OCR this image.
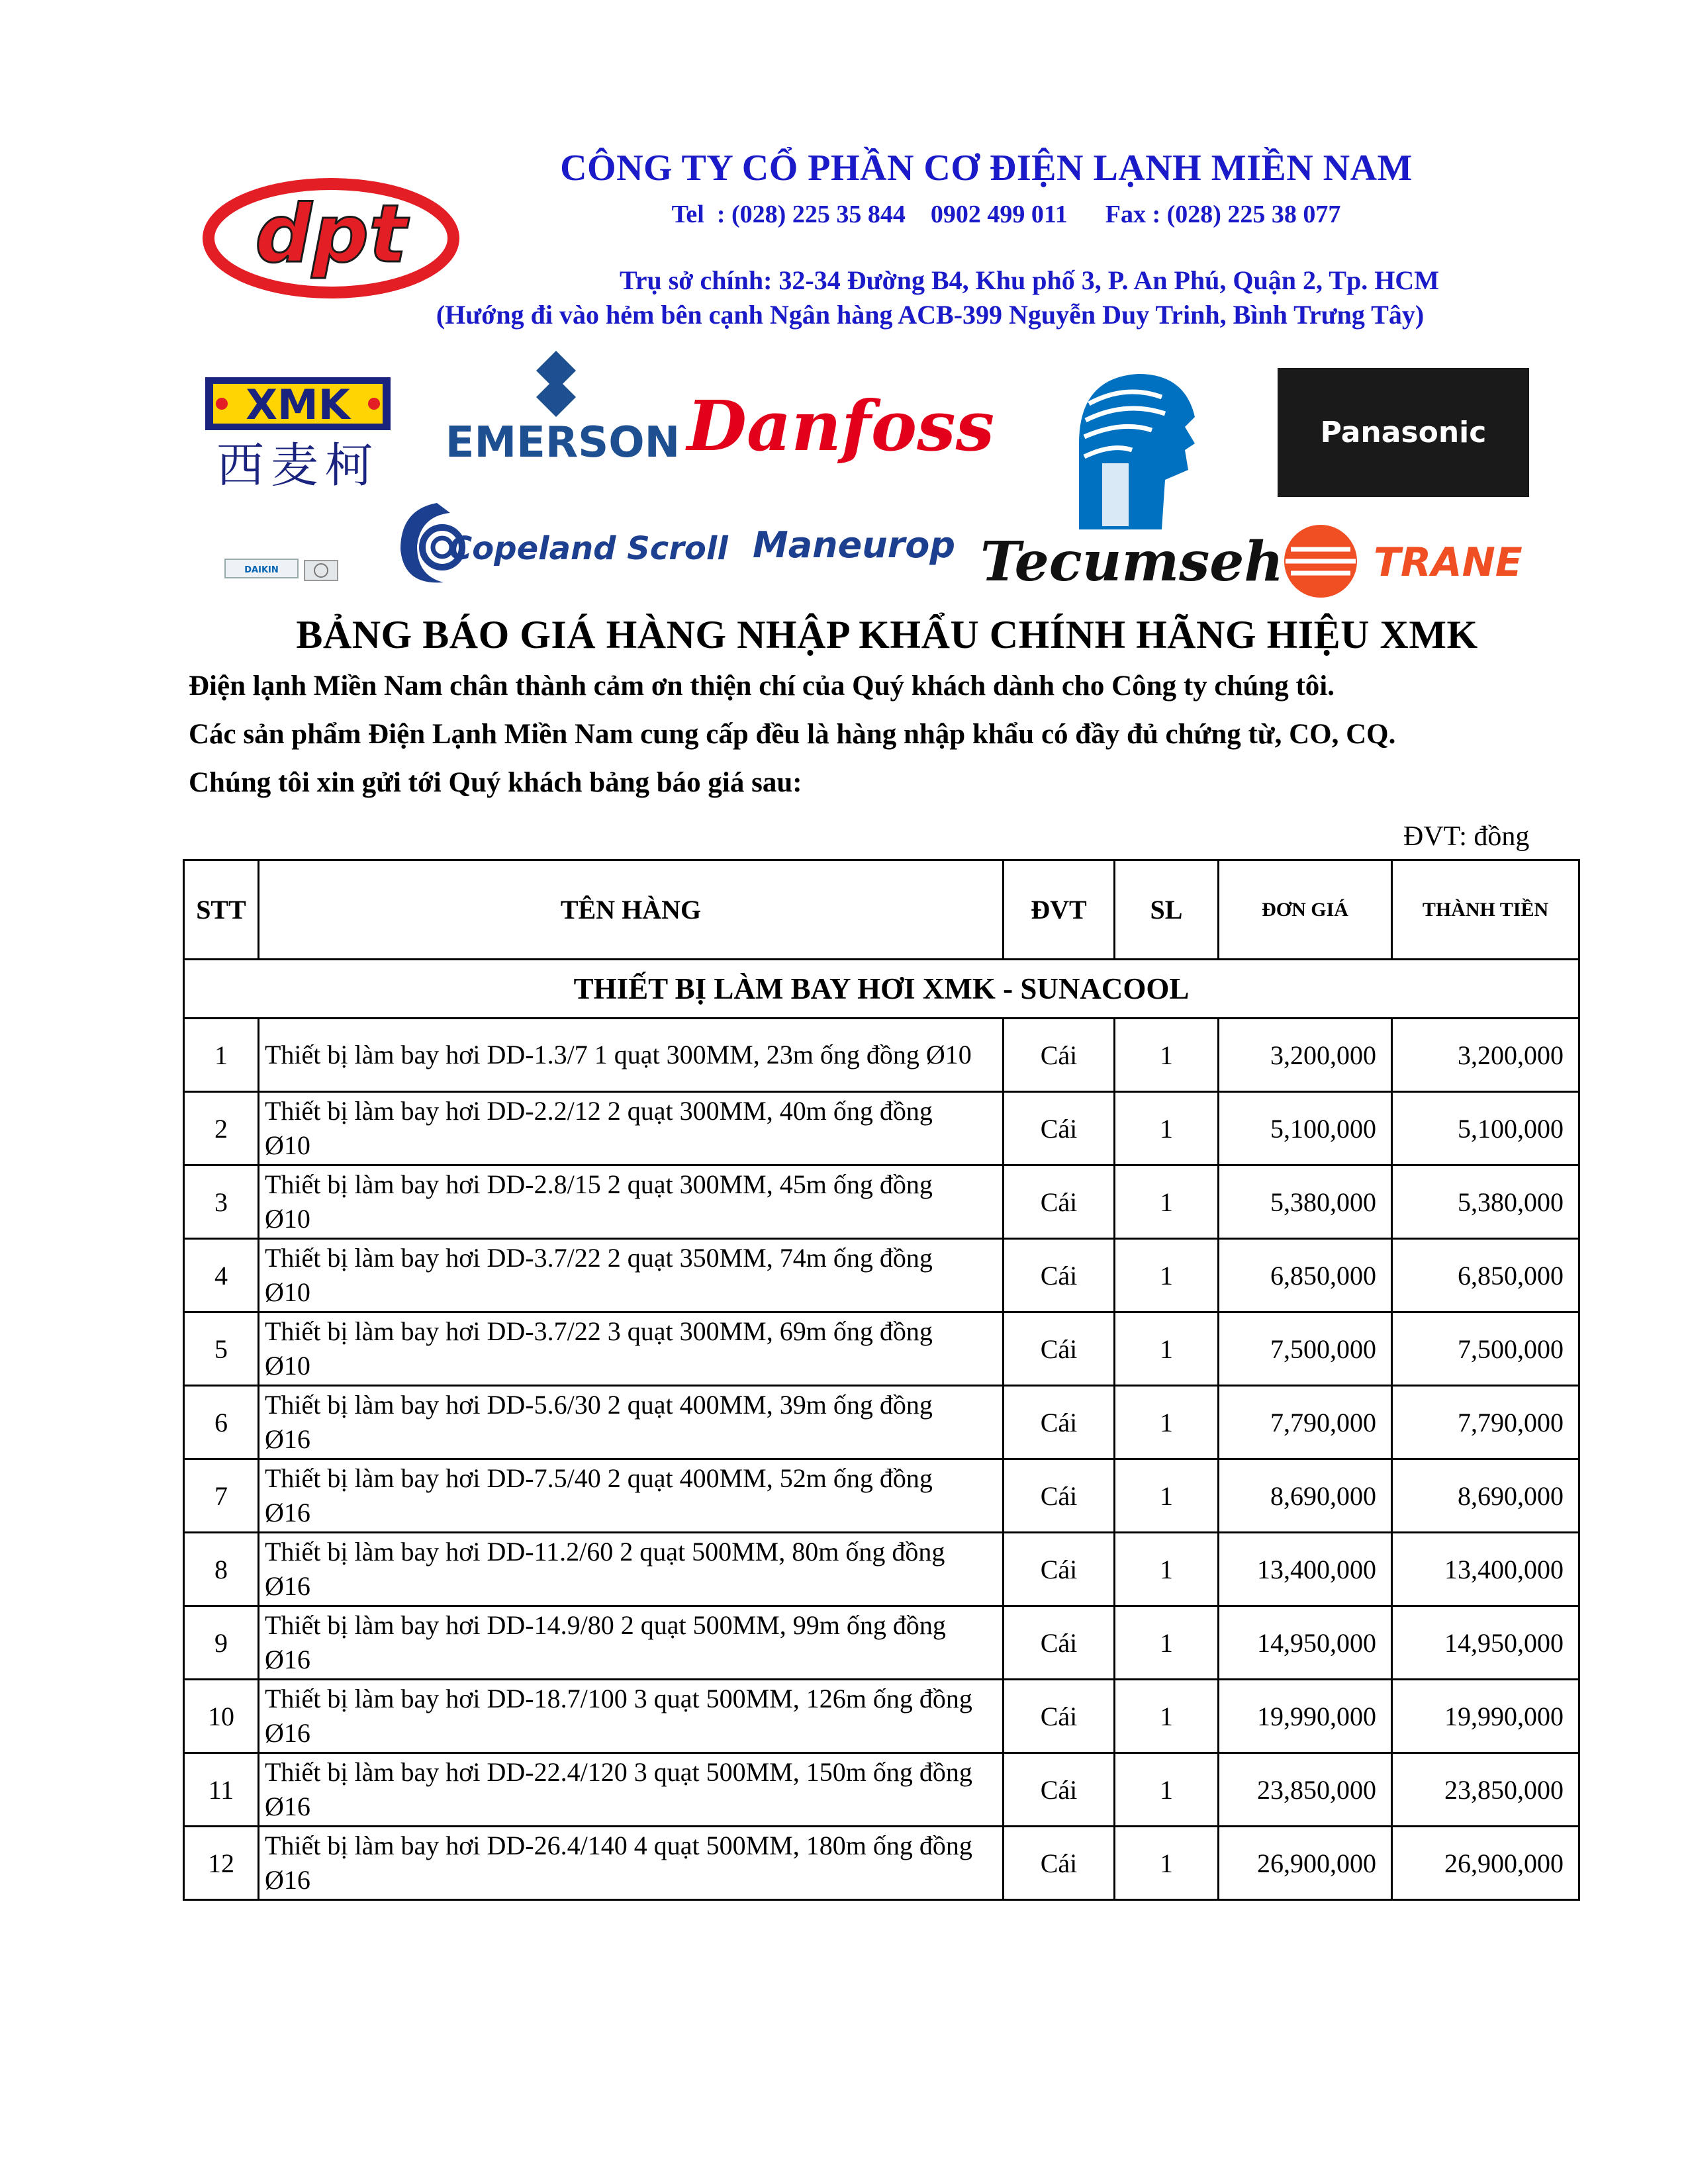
CÔNG TY CỔ PHẦN CƠ ĐIỆN LẠNH MIỀN NAM
Tel  : (028) 225 35 844    0902 499 011      Fax : (028) 225 38 077
Trụ sở chính: 32-34 Đường B4, Khu phố 3, P. An Phú, Quận 2, Tp. HCM
(Hướng đi vào hẻm bên cạnh Ngân hàng ACB-399 Nguyễn Duy Trinh, Bình Trưng Tây)
dpt
XMK
西麦柯 EMERSON Danfoss	Panasonic
DAIKIN
Copeland Scroll Maneurop Tecumseh TRANE
BẢNG BÁO GIÁ HÀNG NHẬP KHẨU CHÍNH HÃNG HIỆU XMK
Điện lạnh Miền Nam chân thành cảm ơn thiện chí của Quý khách dành cho Công ty chúng tôi.
Các sản phẩm Điện Lạnh Miền Nam cung cấp đều là hàng nhập khẩu có đầy đủ chứng từ, CO, CQ.
Chúng tôi xin gửi tới Quý khách bảng báo giá sau:
ĐVT: đồng
STT	TÊN HÀNG	ĐVT	SL	ĐƠN GIÁ	THÀNH TIỀN
THIẾT BỊ LÀM BAY HƠI XMK - SUNACOOL					
1	Thiết bị làm bay hơi DD-1.3/7 1 quạt 300MM, 23m ống đồng Ø10	Cái	1	3,200,000	3,200,000
2	Thiết bị làm bay hơi DD-2.2/12 2 quạt 300MM, 40m ống đồng Ø10	Cái	1	5,100,000	5,100,000
3	Thiết bị làm bay hơi DD-2.8/15 2 quạt 300MM, 45m ống đồng Ø10	Cái	1	5,380,000	5,380,000
4	Thiết bị làm bay hơi DD-3.7/22 2 quạt 350MM, 74m ống đồng Ø10	Cái	1	6,850,000	6,850,000
5	Thiết bị làm bay hơi DD-3.7/22 3 quạt 300MM, 69m ống đồng Ø10	Cái	1	7,500,000	7,500,000
6	Thiết bị làm bay hơi DD-5.6/30 2 quạt 400MM, 39m ống đồng Ø16	Cái	1	7,790,000	7,790,000
7	Thiết bị làm bay hơi DD-7.5/40 2 quạt 400MM, 52m ống đồng Ø16	Cái	1	8,690,000	8,690,000
8	Thiết bị làm bay hơi DD-11.2/60 2 quạt 500MM, 80m ống đồng Ø16	Cái	1	13,400,000	13,400,000
9	Thiết bị làm bay hơi DD-14.9/80 2 quạt 500MM, 99m ống đồng Ø16	Cái	1	14,950,000	14,950,000
10	Thiết bị làm bay hơi DD-18.7/100 3 quạt 500MM, 126m ống đồng Ø16	Cái	1	19,990,000	19,990,000
11	Thiết bị làm bay hơi DD-22.4/120 3 quạt 500MM, 150m ống đồng Ø16	Cái	1	23,850,000	23,850,000
12	Thiết bị làm bay hơi DD-26.4/140 4 quạt 500MM, 180m ống đồng Ø16	Cái	1	26,900,000	26,900,000
